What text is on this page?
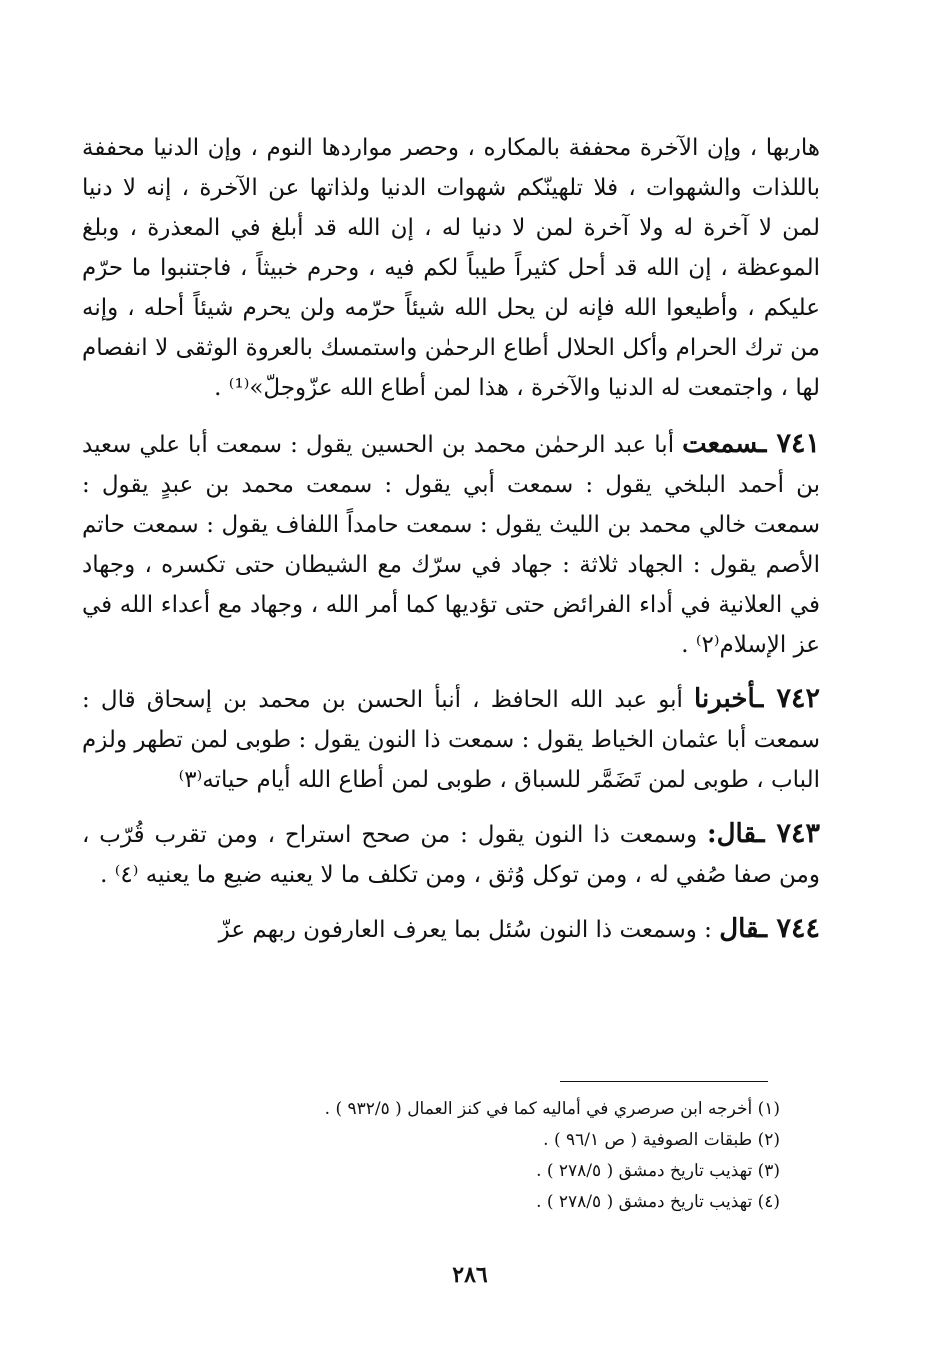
هاربها ، وإن الآخرة محففة بالمكاره ، وحصر مواردها النوم ، وإن الدنيا محففة باللذات والشهوات ، فلا تلهينّكم شهوات الدنيا ولذاتها عن الآخرة ، إنه لا دنيا لمن لا آخرة له ولا آخرة لمن لا دنيا له ، إن الله قد أبلغ في المعذرة ، وبلغ الموعظة ، إن الله قد أحل كثيراً طيباً لكم فيه ، وحرم خبيثاً ، فاجتنبوا ما حرّم عليكم ، وأطيعوا الله فإنه لن يحل الله شيئاً حرّمه ولن يحرم شيئاً أحله ، وإنه من ترك الحرام وأكل الحلال أطاع الرحمٰن واستمسك بالعروة الوثقى لا انفصام لها ، واجتمعت له الدنيا والآخرة ، هذا لمن أطاع الله عزّوجلّ»⁽¹⁾ .

٧٤١ ـسمعت أبا عبد الرحمٰن محمد بن الحسين يقول : سمعت أبا علي سعيد بن أحمد البلخي يقول : سمعت أبي يقول : سمعت محمد بن عبدٍ يقول : سمعت خالي محمد بن الليث يقول : سمعت حامداً اللفاف يقول : سمعت حاتم الأصم يقول : الجهاد ثلاثة : جهاد في سرّك مع الشيطان حتى تكسره ، وجهاد في العلانية في أداء الفرائض حتى تؤديها كما أمر الله ، وجهاد مع أعداء الله في عز الإسلام⁽٢⁾ .

٧٤٢ ـأخبرنا أبو عبد الله الحافظ ، أنبأ الحسن بن محمد بن إسحاق قال : سمعت أبا عثمان الخياط يقول : سمعت ذا النون يقول : طوبى لمن تطهر ولزم الباب ، طوبى لمن تَضَمَّر للسباق ، طوبى لمن أطاع الله أيام حياته⁽٣⁾

٧٤٣ ـقال: وسمعت ذا النون يقول : من صحح استراح ، ومن تقرب قُرّب ، ومن صفا صُفي له ، ومن توكل وُثق ، ومن تكلف ما لا يعنيه ضيع ما يعنيه ⁽٤⁾ .

٧٤٤ ـقال : وسمعت ذا النون سُئل بما يعرف العارفون ربهم عزّ

(١) أخرجه ابن صرصري في أماليه كما في كنز العمال ( ٩٣٢/٥ ) .
(٢) طبقات الصوفية ( ص ٩٦/١ ) .
(٣) تهذيب تاريخ دمشق ( ٢٧٨/٥ ) .
(٤) تهذيب تاريخ دمشق ( ٢٧٨/٥ ) .
٢٨٦
